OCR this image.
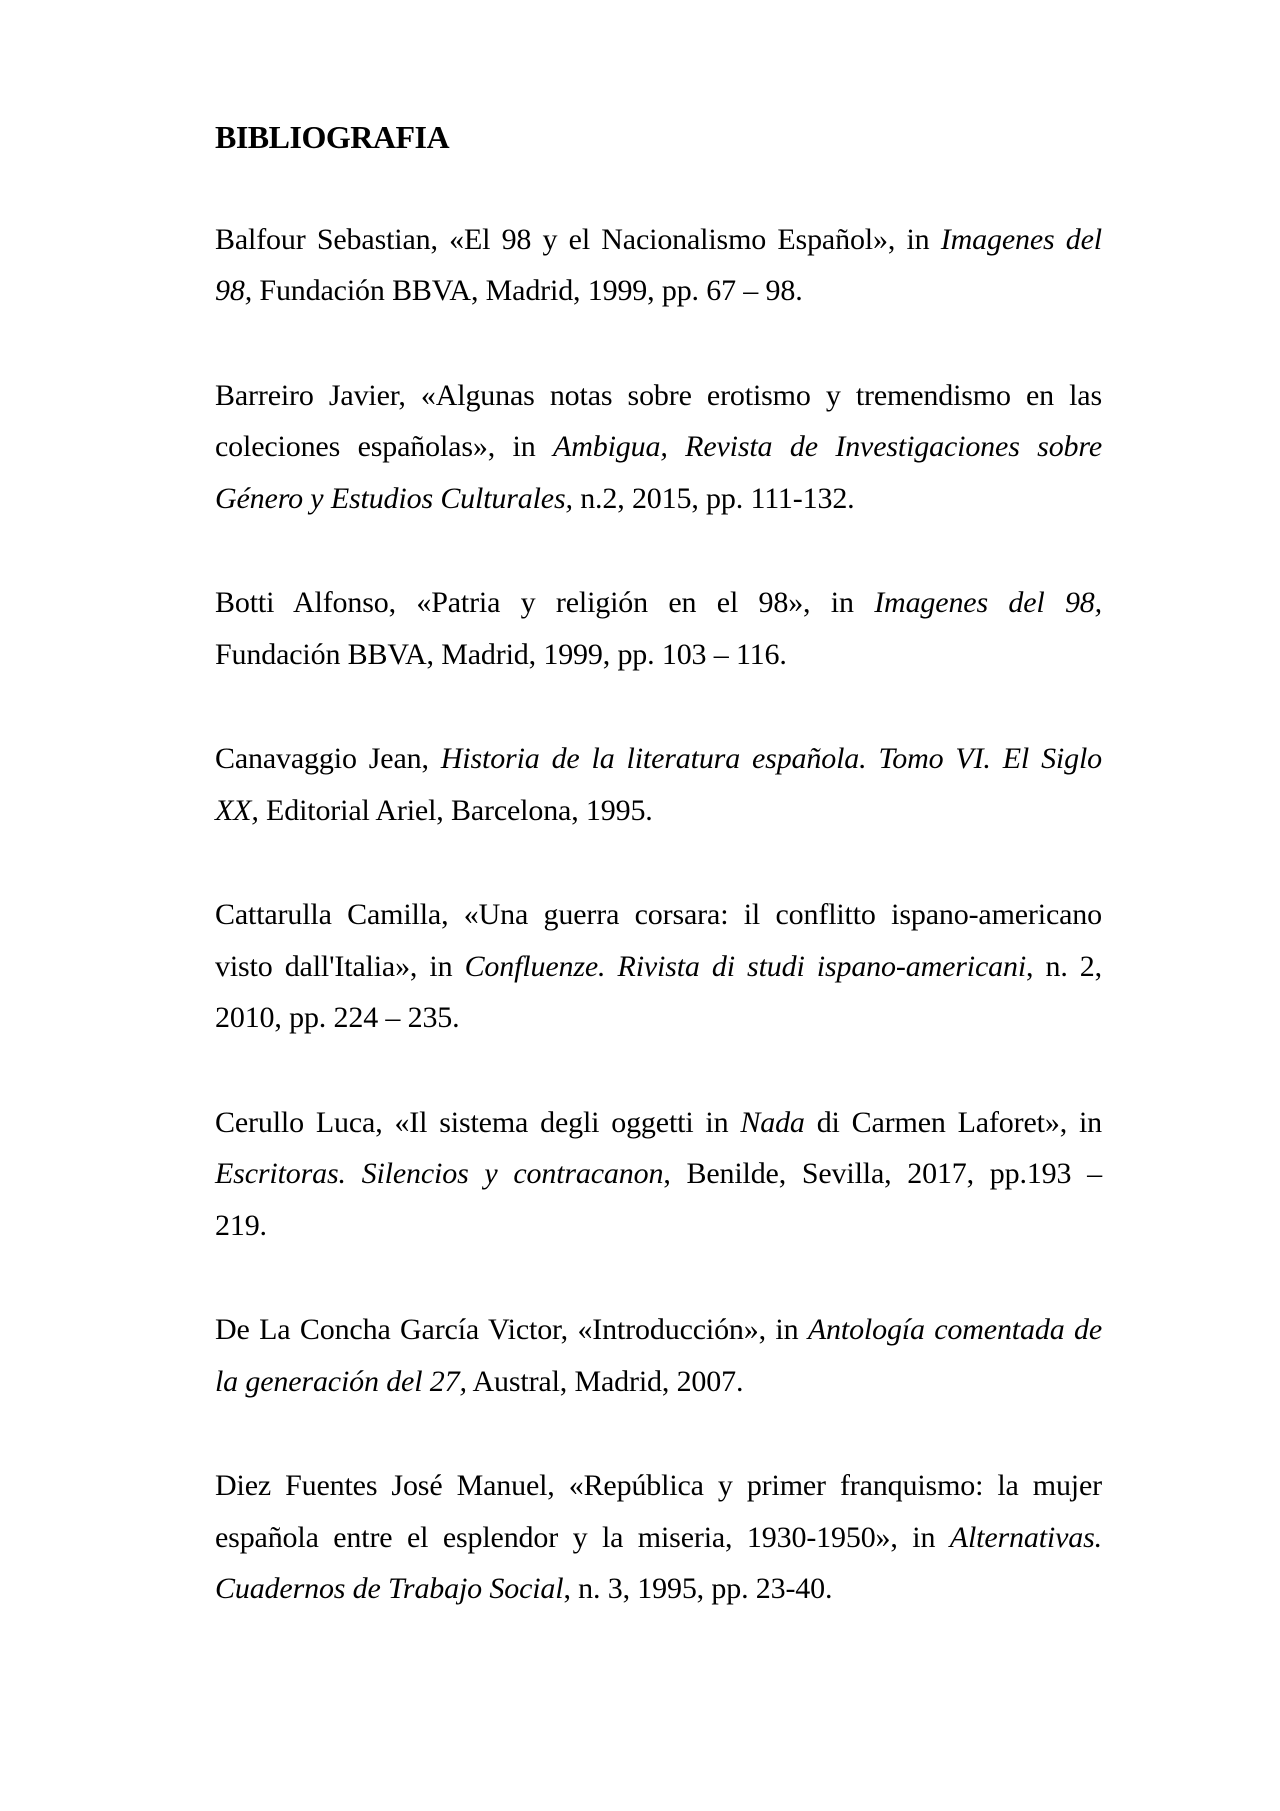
BIBLIOGRAFIA
Balfour Sebastian, «El 98 y el Nacionalismo Español», in Imagenes del
98, Fundación BBVA, Madrid, 1999, pp. 67 – 98.
Barreiro Javier, «Algunas notas sobre erotismo y tremendismo en las
coleciones españolas», in Ambigua, Revista de Investigaciones sobre
Género y Estudios Culturales, n.2, 2015, pp. 111-132.
Botti Alfonso, «Patria y religión en el 98», in Imagenes del 98,
Fundación BBVA, Madrid, 1999, pp. 103 – 116.
Canavaggio Jean, Historia de la literatura española. Tomo VI. El Siglo
XX, Editorial Ariel, Barcelona, 1995.
Cattarulla Camilla, «Una guerra corsara: il conflitto ispano-americano
visto dall'Italia», in Confluenze. Rivista di studi ispano-americani, n. 2,
2010, pp. 224 – 235.
Cerullo Luca, «Il sistema degli oggetti in Nada di Carmen Laforet», in
Escritoras. Silencios y contracanon, Benilde, Sevilla, 2017, pp.193 –
219.
De La Concha García Victor, «Introducción», in Antología comentada de
la generación del 27, Austral, Madrid, 2007.
Diez Fuentes José Manuel, «República y primer franquismo: la mujer
española entre el esplendor y la miseria, 1930-1950», in Alternativas.
Cuadernos de Trabajo Social, n. 3, 1995, pp. 23-40.
